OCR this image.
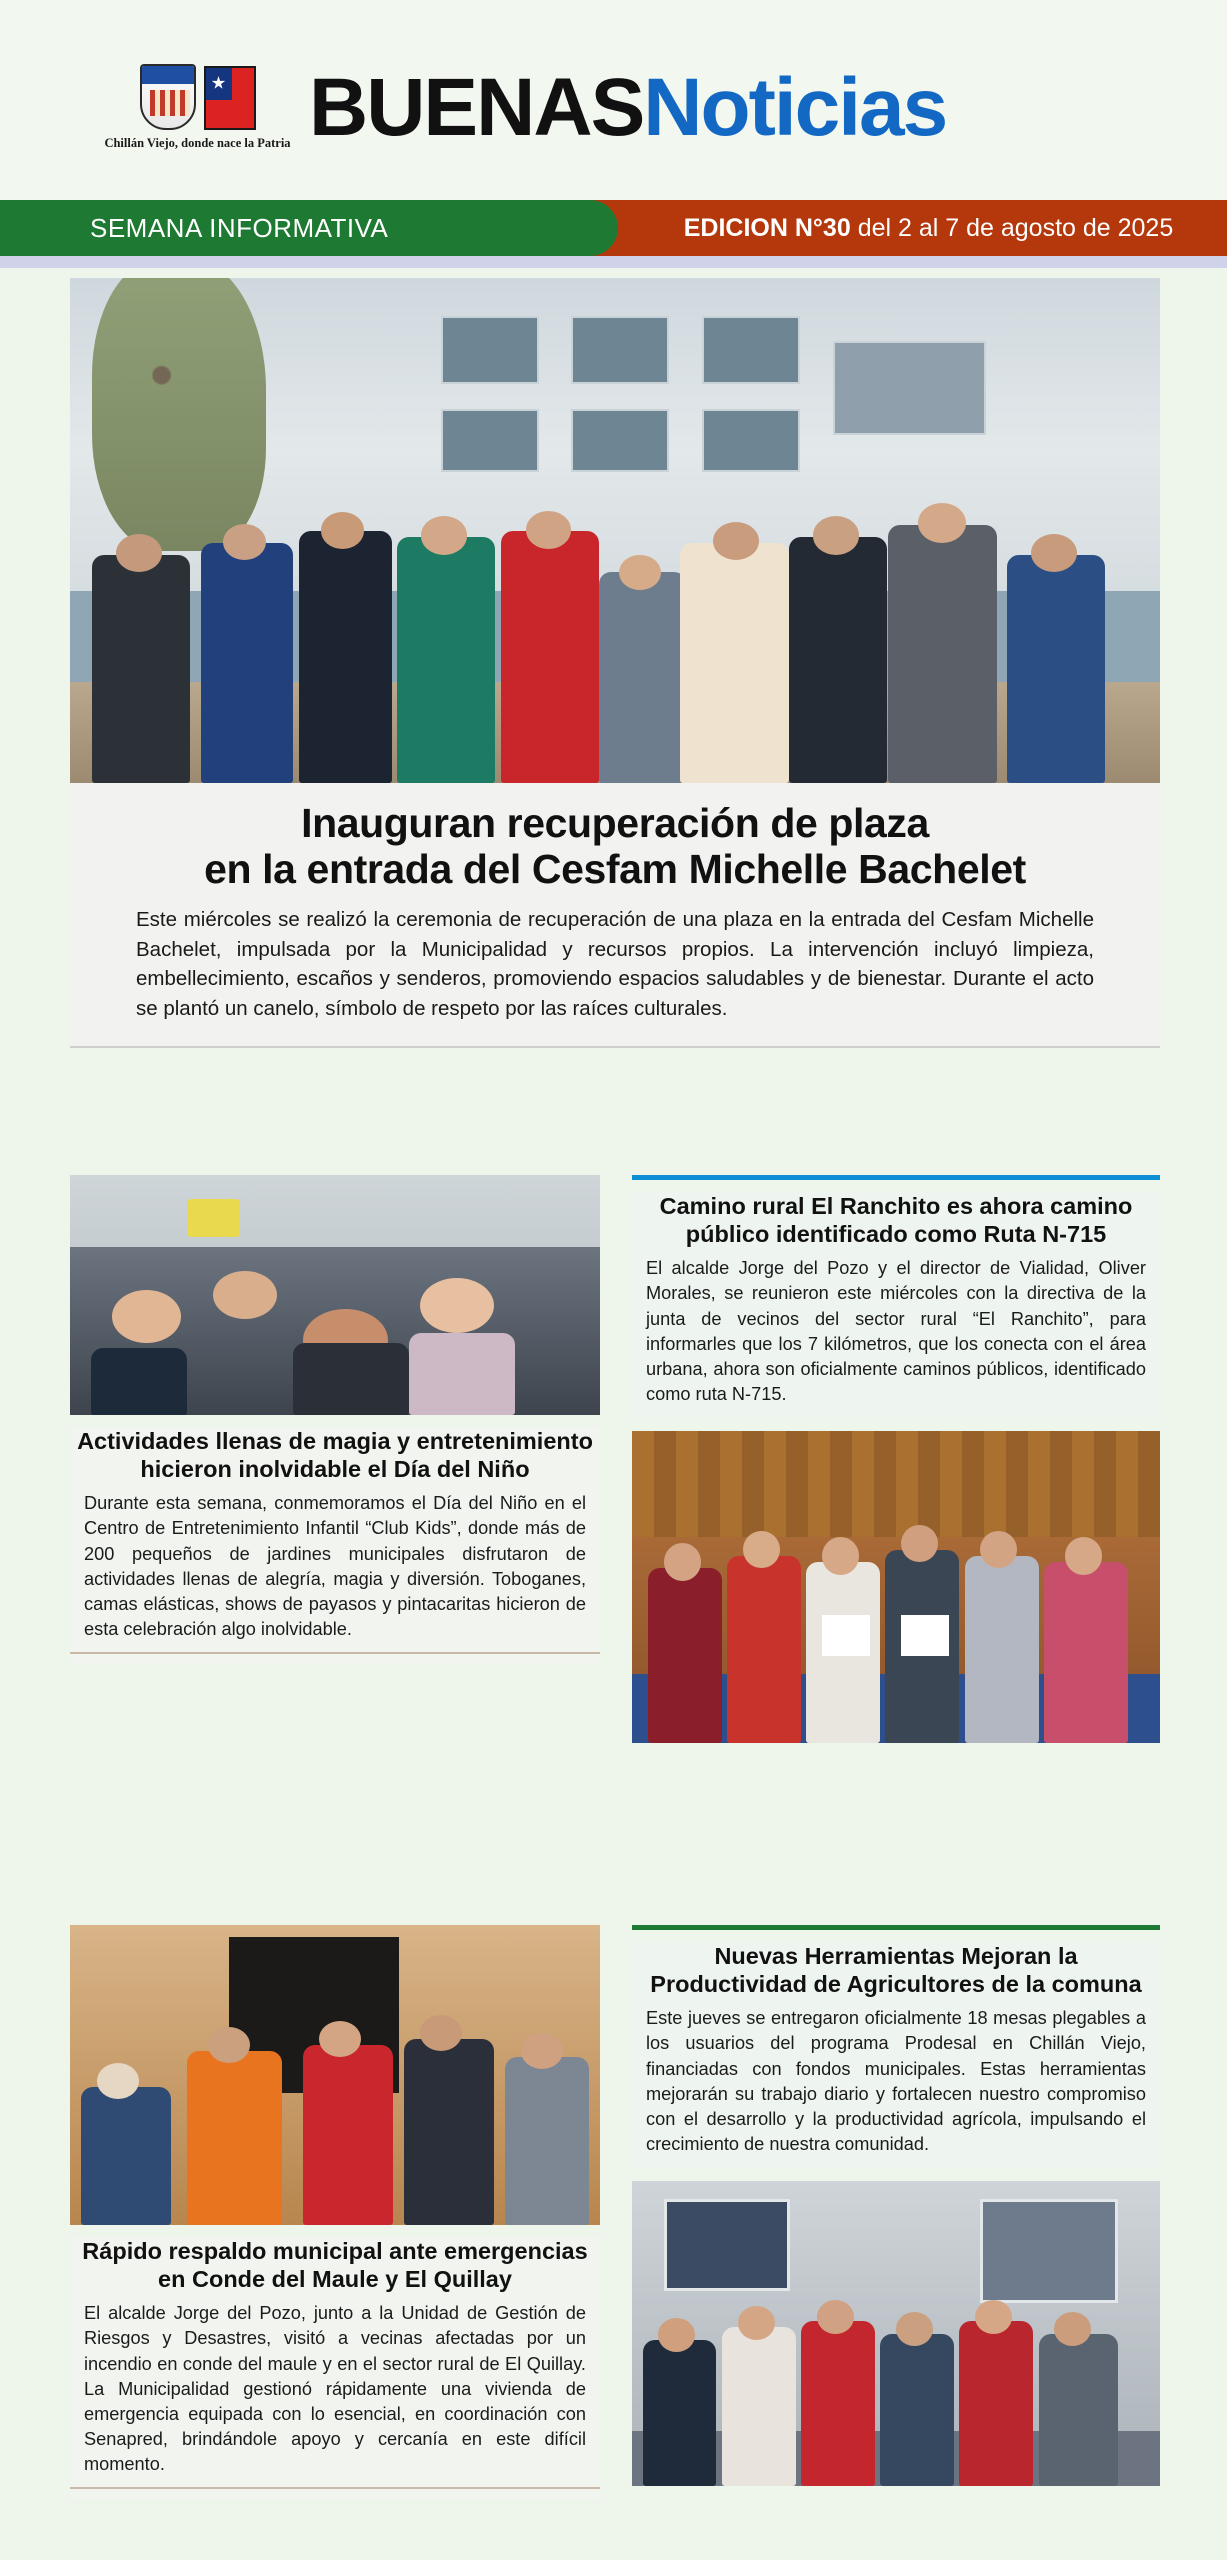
Chillán Viejo, donde nace la Patria BUENASNoticias
SEMANA INFORMATIVA	EDICION N°30
del 2 al 7 de agosto de 2025
Inauguran recuperación de plaza
en la entrada del Cesfam Michelle Bachelet
Este miércoles se realizó la ceremonia de recuperación de una plaza en la entrada del Cesfam Michelle Bachelet, impulsada por la Municipalidad y recursos propios. La intervención incluyó limpieza, embellecimiento, escaños y senderos, promoviendo espacios saludables y de bienestar. Durante el acto se plantó un canelo, símbolo de respeto por las raíces culturales.
Actividades llenas de magia y entretenimiento
hicieron inolvidable el Día del Niño

Durante esta semana, conmemoramos el Día del Niño en el Centro de Entretenimiento Infantil “Club Kids”, donde más de 200 pequeños de jardines municipales disfrutaron de actividades llenas de alegría, magia y diversión. Toboganes, camas elásticas, shows de payasos y pintacaritas hicieron de esta celebración algo inolvidable.

Camino rural El Ranchito es ahora camino
público identificado como Ruta N-715

El alcalde Jorge del Pozo y el director de Vialidad, Oliver Morales, se reunieron este miércoles con la directiva de la junta de vecinos del sector rural “El Ranchito”, para informarles que los 7 kilómetros, que los conecta con el área urbana, ahora son oficialmente caminos públicos, identificado como ruta N-715.

Rápido respaldo municipal ante emergencias
en Conde del Maule y El Quillay

El alcalde Jorge del Pozo, junto a la Unidad de Gestión de Riesgos y Desastres, visitó a vecinas afectadas por un incendio en conde del maule y en el sector rural de El Quillay. La Municipalidad gestionó rápidamente una vivienda de emergencia equipada con lo esencial, en coordinación con Senapred, brindándole apoyo y cercanía en este difícil momento.

Nuevas Herramientas Mejoran la
Productividad de Agricultores de la comuna

Este jueves se entregaron oficialmente 18 mesas plegables a los usuarios del programa Prodesal en Chillán Viejo, financiadas con fondos municipales. Estas herramientas mejorarán su trabajo diario y fortalecen nuestro compromiso con el desarrollo y la productividad agrícola, impulsando el crecimiento de nuestra comunidad.
